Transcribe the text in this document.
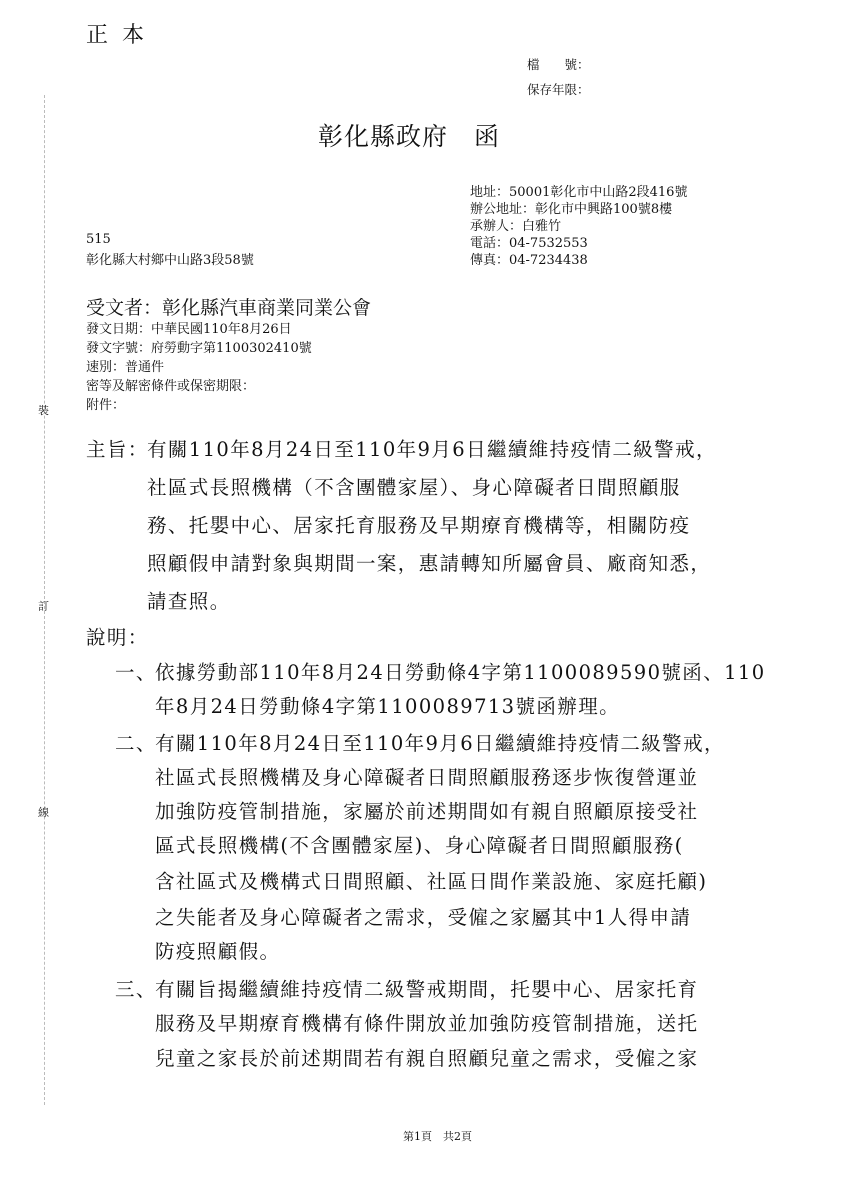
裝
訂
線
正本
檔　　號：
保存年限：
彰化縣政府　函
地址：50001彰化市中山路2段416號
辦公地址：彰化市中興路100號8樓
承辦人：白雅竹
電話：04-7532553
傳真：04-7234438
515
彰化縣大村鄉中山路3段58號
受文者：彰化縣汽車商業同業公會
發文日期：中華民國110年8月26日
發文字號：府勞動字第1100302410號
速別：普通件
密等及解密條件或保密期限：
附件：
主旨：
有關110年8月24日至110年9月6日繼續維持疫情二級警戒，
社區式長照機構（不含團體家屋）、身心障礙者日間照顧服
務、托嬰中心、居家托育服務及早期療育機構等，相關防疫
照顧假申請對象與期間一案，惠請轉知所屬會員、廠商知悉，
請查照。
說明：
一、
依據勞動部110年8月24日勞動條4字第1100089590號函、110
年8月24日勞動條4字第1100089713號函辦理。
二、
有關110年8月24日至110年9月6日繼續維持疫情二級警戒，
社區式長照機構及身心障礙者日間照顧服務逐步恢復營運並
加強防疫管制措施，家屬於前述期間如有親自照顧原接受社
區式長照機構(不含團體家屋)、身心障礙者日間照顧服務(
含社區式及機構式日間照顧、社區日間作業設施、家庭托顧)
之失能者及身心障礙者之需求，受僱之家屬其中1人得申請
防疫照顧假。
三、
有關旨揭繼續維持疫情二級警戒期間，托嬰中心、居家托育
服務及早期療育機構有條件開放並加強防疫管制措施，送托
兒童之家長於前述期間若有親自照顧兒童之需求，受僱之家
第1頁　共2頁
